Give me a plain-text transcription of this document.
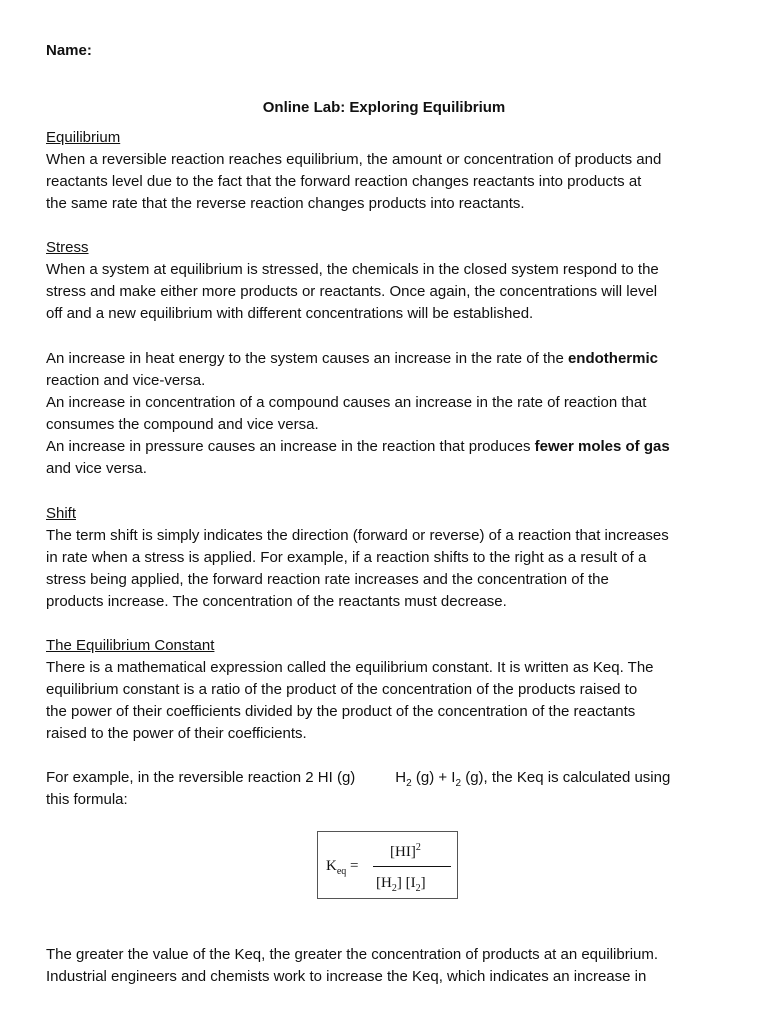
Name:

Online Lab: Exploring Equilibrium

Equilibrium

When a reversible reaction reaches equilibrium, the amount or concentration of products and
reactants level due to the fact that the forward reaction changes reactants into products at
the same rate that the reverse reaction changes products into reactants.

Stress

When a system at equilibrium is stressed, the chemicals in the closed system respond to the
stress and make either more products or reactants. Once again, the concentrations will level
off and a new equilibrium with different concentrations will be established.
An increase in heat energy to the system causes an increase in the rate of the endothermic
reaction and vice-versa.
An increase in concentration of a compound causes an increase in the rate of reaction that
consumes the compound and vice versa.
An increase in pressure causes an increase in the reaction that produces fewer moles of gas
and vice versa.

Shift

The term shift is simply indicates the direction (forward or reverse) of a reaction that increases
in rate when a stress is applied. For example, if a reaction shifts to the right as a result of a
stress being applied, the forward reaction rate increases and the concentration of the
products increase. The concentration of the reactants must decrease.

The Equilibrium Constant

There is a mathematical expression called the equilibrium constant. It is written as Keq. The
equilibrium constant is a ratio of the product of the concentration of the products raised to
the power of their coefficients divided by the product of the concentration of the reactants
raised to the power of their coefficients.
For example, in the reversible reaction 2 HI (g)	$H_2$ $(g) + I_2$ (g), the Keq is calculated using
this formula:
$K_{eq}$ =
[HI]$^2$
$[H_2]$ $[I_2]$
The greater the value of the Keq, the greater the concentration of products at an equilibrium.
Industrial engineers and chemists work to increase the Keq, which indicates an increase in
